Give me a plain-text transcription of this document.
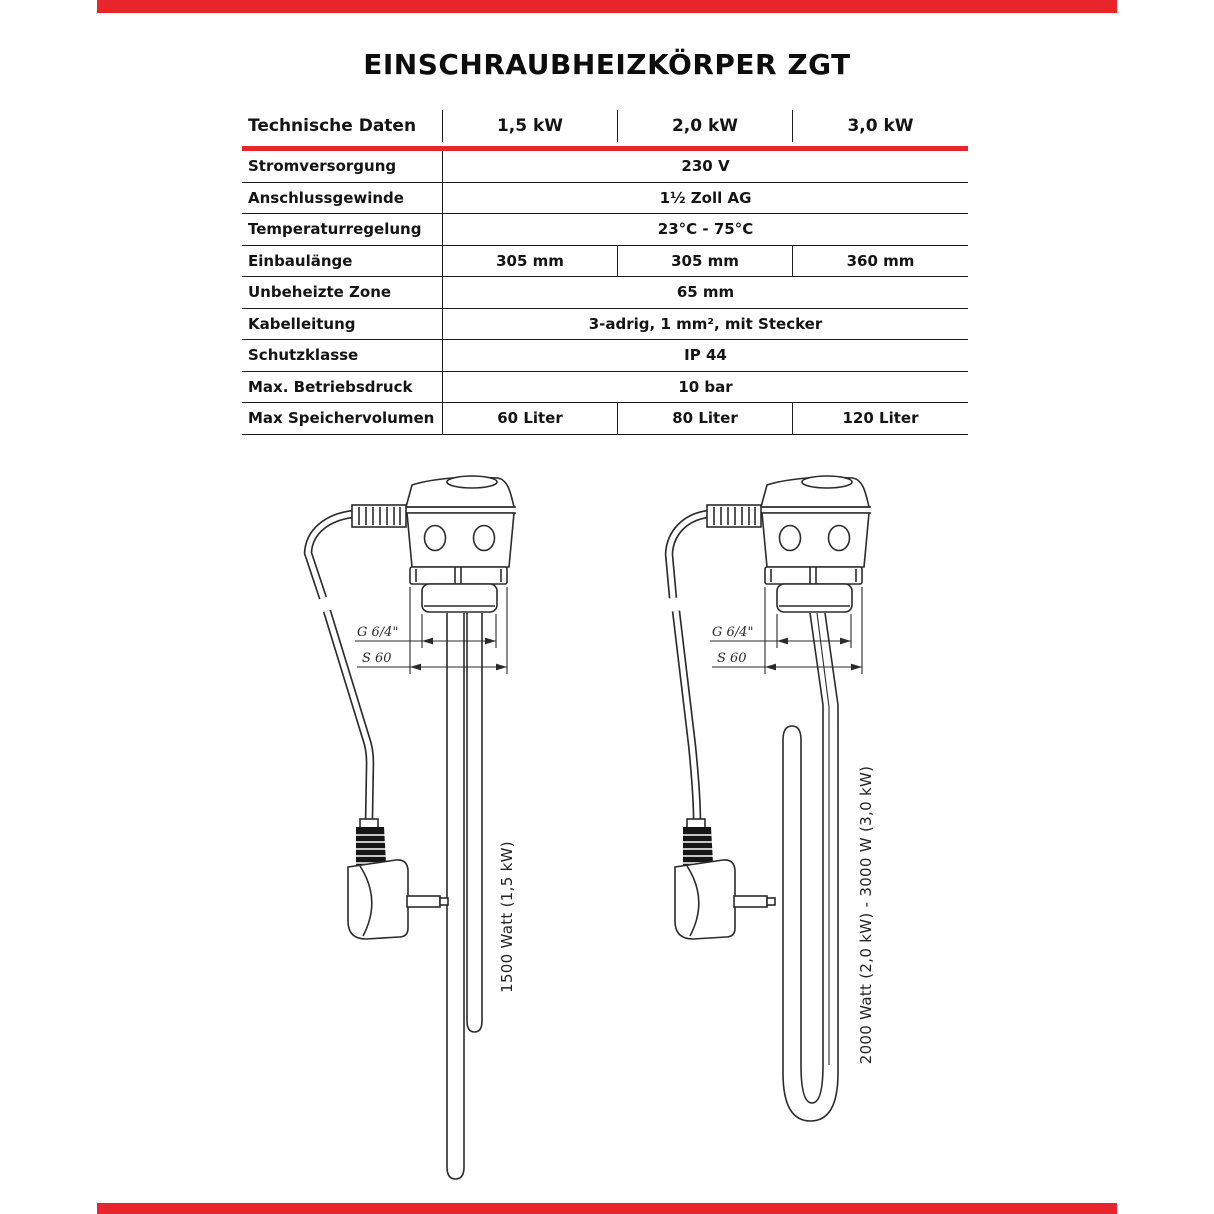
EINSCHRAUBHEIZKÖRPER ZGT
Technische Daten	1,5 kW	2,0 kW	3,0 kW
Stromversorgung	230 V
Anschlussgewinde	1½ Zoll AG
Temperaturregelung	23°C - 75°C
Einbaulänge	305 mm	305 mm	360 mm
Unbeheizte Zone	65 mm
Kabelleitung	3-adrig, 1 mm², mit Stecker
Schutzklasse	IP 44
Max. Betriebsdruck	10 bar
Max Speichervolumen	60 Liter	80 Liter	120 Liter
G 6/4"
S 60
1500 Watt (1,5 kW)	2000 Watt (2,0 kW) - 3000 W (3,0 kW)
